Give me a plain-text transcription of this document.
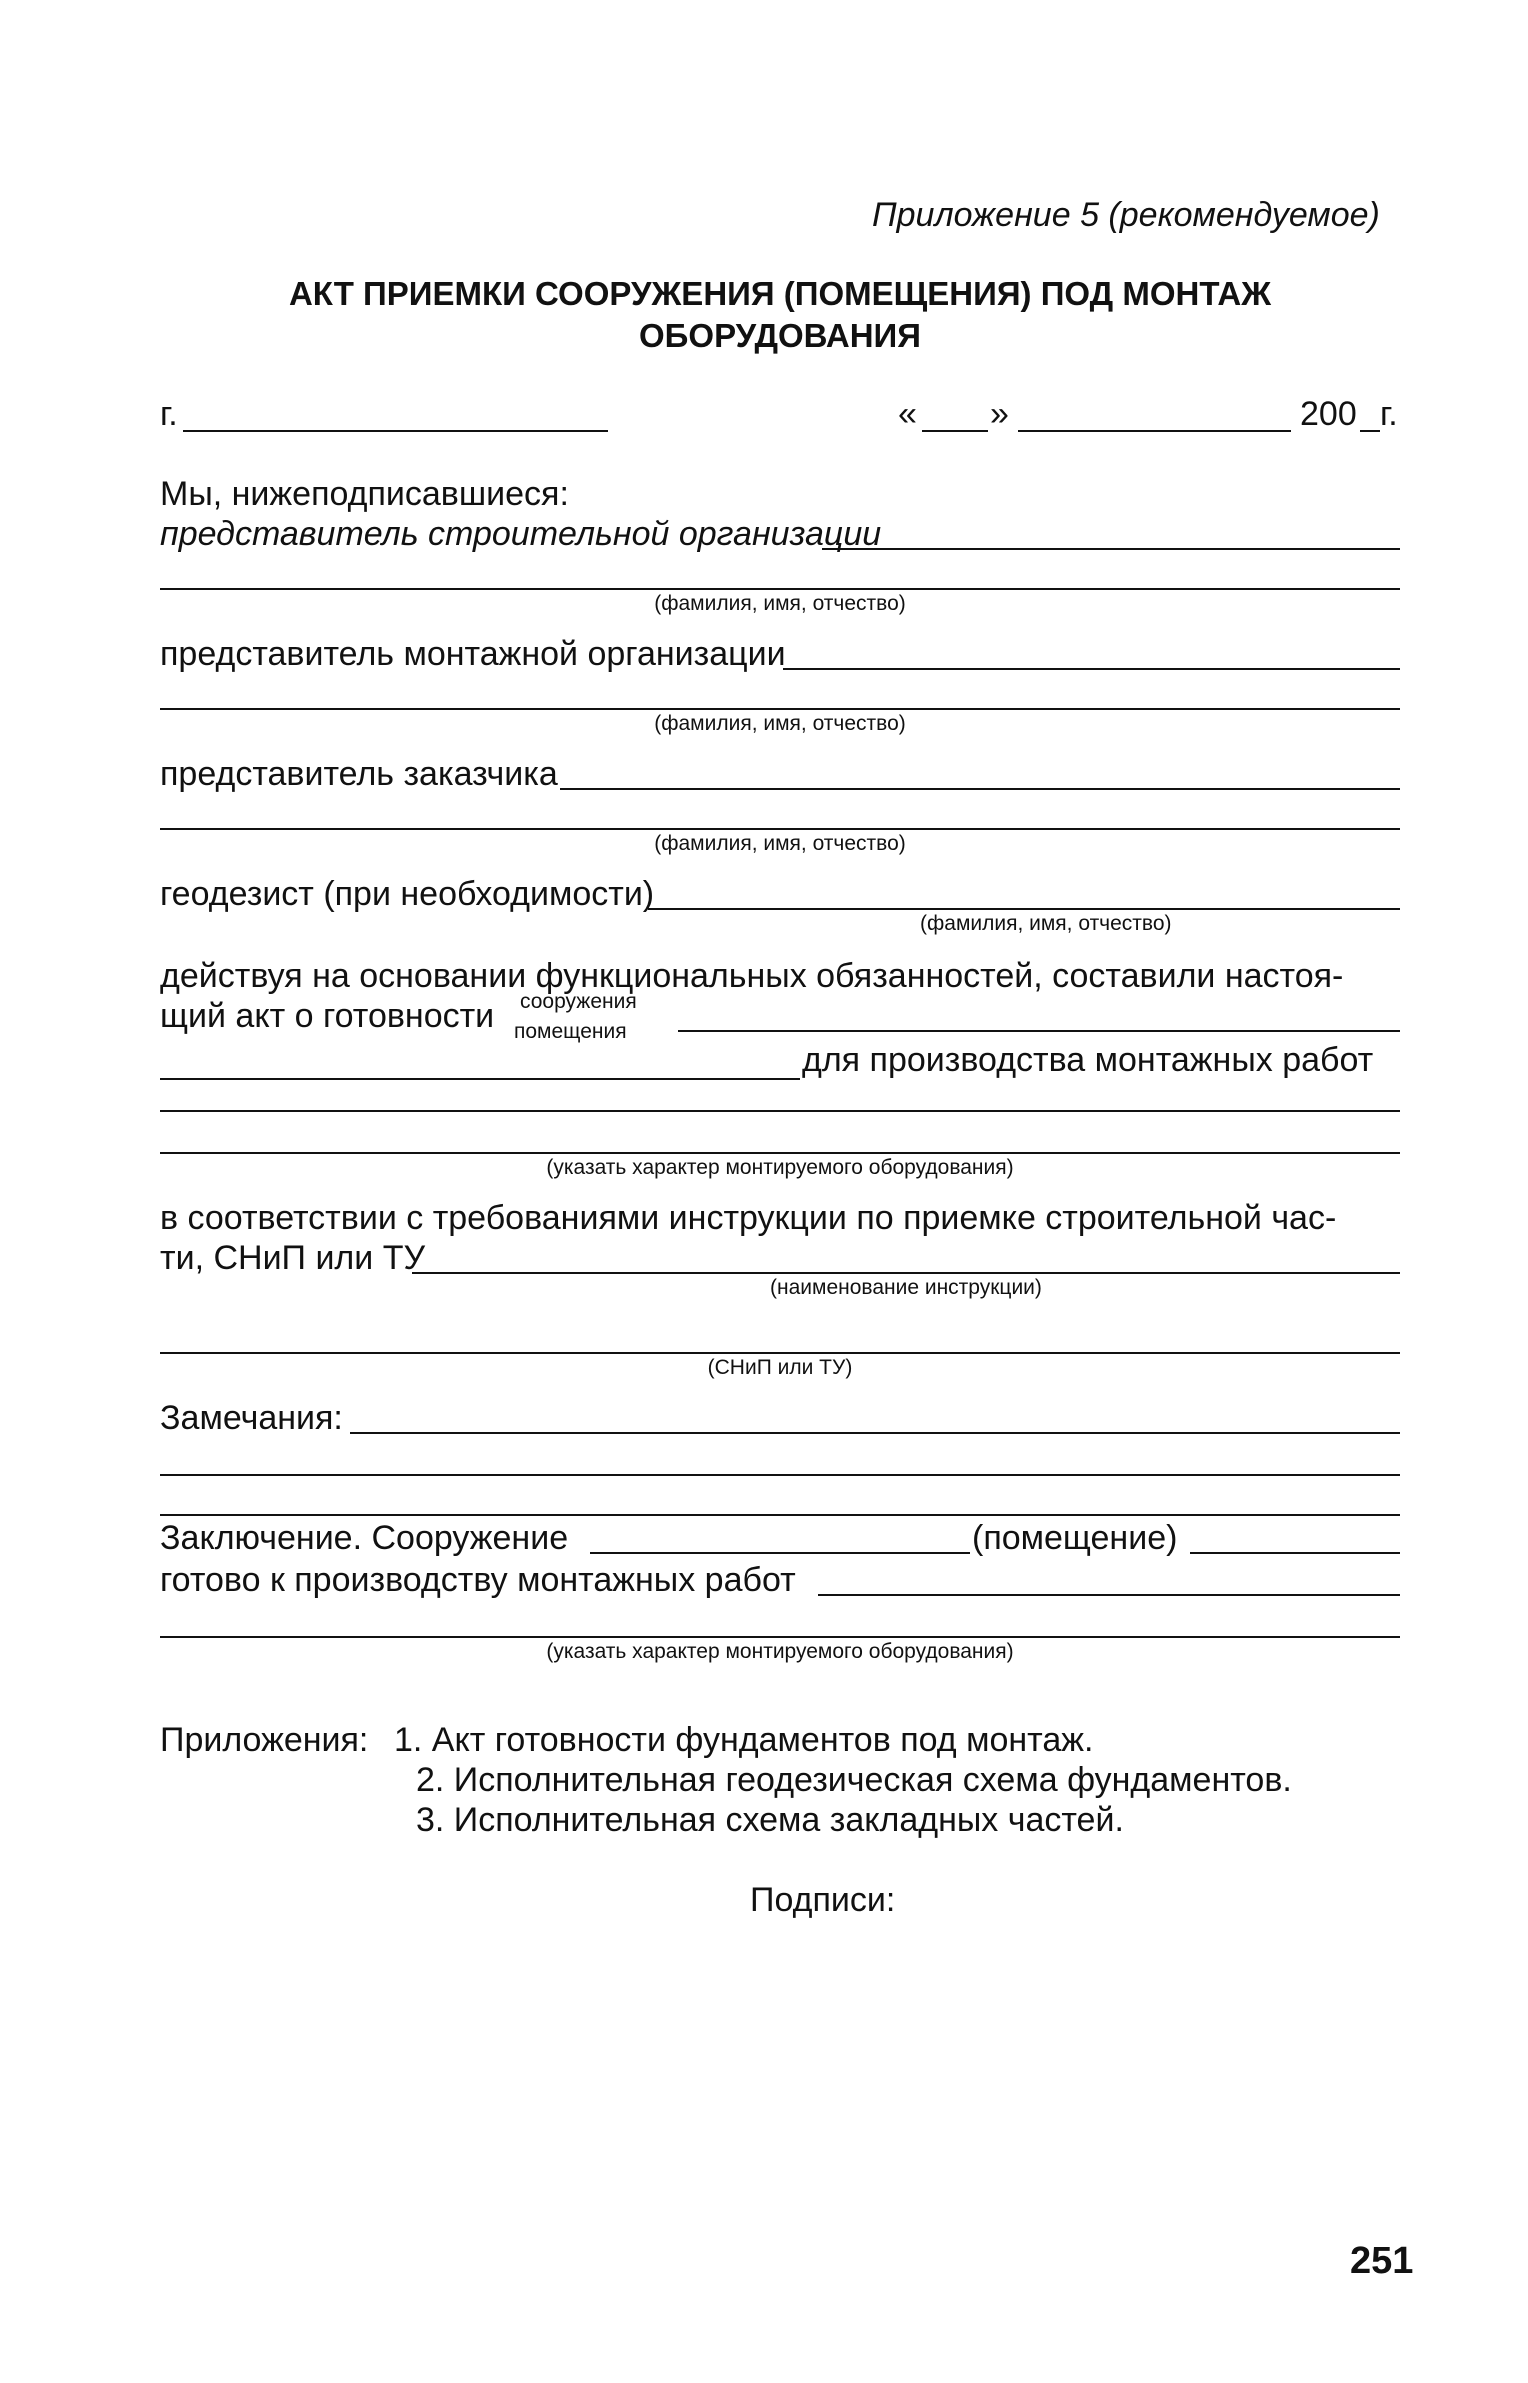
Приложение 5 (рекомендуемое)
АКТ ПРИЕМКИ СООРУЖЕНИЯ (ПОМЕЩЕНИЯ) ПОД МОНТАЖ
ОБОРУДОВАНИЯ
г.	« »	200 г.
Мы, нижеподписавшиеся:
представитель строительной организации
(фамилия, имя, отчество)
представитель монтажной организации
(фамилия, имя, отчество)
представитель заказчика
(фамилия, имя, отчество)
геодезист (при необходимости)
(фамилия, имя, отчество)
действуя на основании функциональных обязанностей, составили настоя-
щий акт о готовности сооружения
помещения
для производства монтажных работ
(указать характер монтируемого оборудования)
в соответствии с требованиями инструкции по приемке строительной час-
ти, СНиП или ТУ
(наименование инструкции)
(СНиП или ТУ)
Замечания:
Заключение. Сооружение	(помещение)
готово к производству монтажных работ
(указать характер монтируемого оборудования)
Приложения: 1. Акт готовности фундаментов под монтаж.
2. Исполнительная геодезическая схема фундаментов.
3. Исполнительная схема закладных частей.
Подписи:
251
